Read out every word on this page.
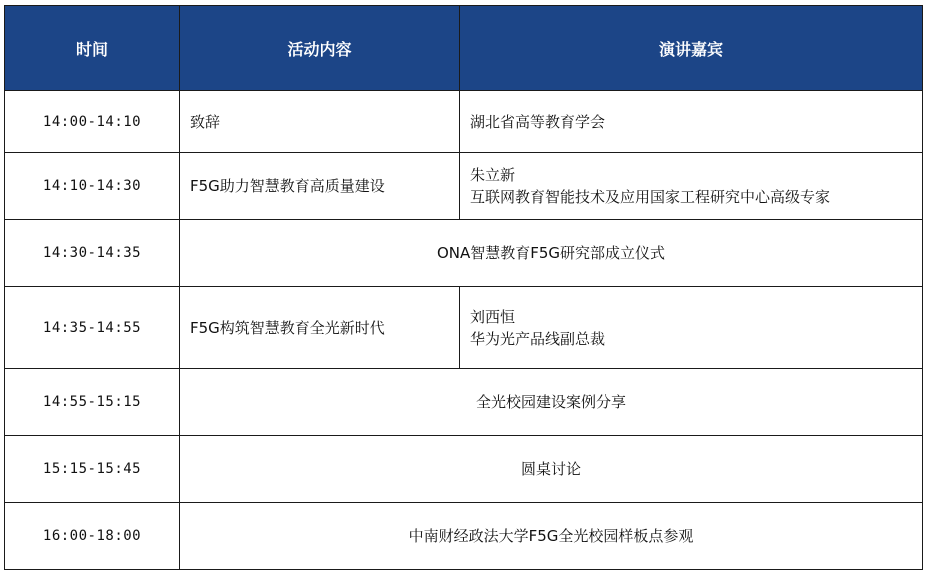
时间	活动内容	演讲嘉宾
14:00-14:10	致辞	湖北省高等教育学会

14:10-14:30	F5G助力智慧教育高质量建设	朱立新
互联网教育智能技术及应用国家工程研究中心高级专家

14:30-14:35	ONA智慧教育F5G研究部成立仪式	
14:35-14:55	F5G构筑智慧教育全光新时代	刘西恒
华为光产品线副总裁

14:55-15:15	全光校园建设案例分享	
15:15-15:45	圆桌讨论	
16:00-18:00	中南财经政法大学F5G全光校园样板点参观	
